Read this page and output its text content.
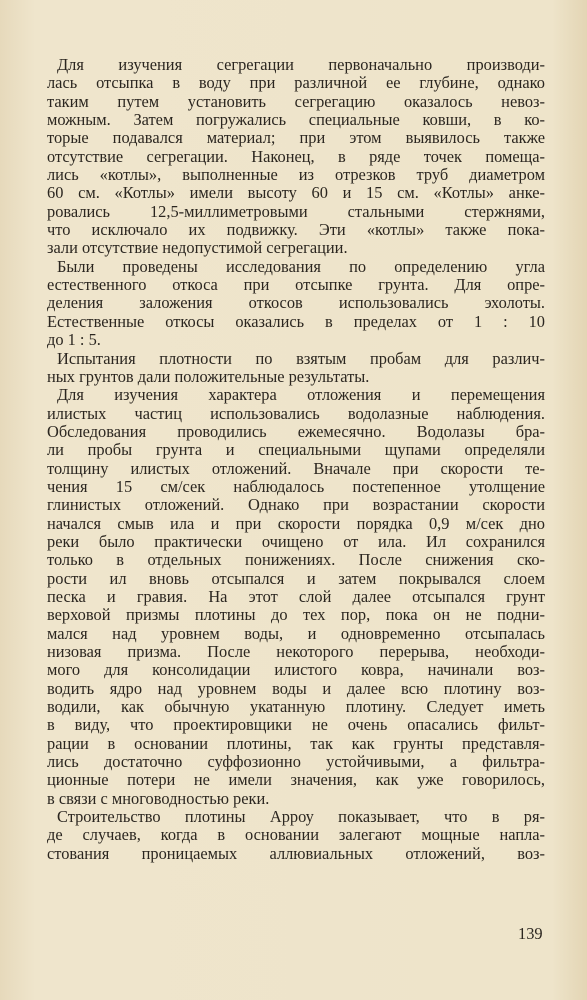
Для изучения сегрегации первоначально производи-
лась отсыпка в воду при различной ее глубине, однако
таким путем установить сегрегацию оказалось невоз-
можным. Затем погружались специальные ковши, в ко-
торые подавался материал; при этом выявилось также
отсутствие сегрегации. Наконец, в ряде точек помеща-
лись «котлы», выполненные из отрезков труб диаметром
60 см. «Котлы» имели высоту 60 и 15 см. «Котлы» анке-
ровались 12,5-миллиметровыми стальными стержнями,
что исключало их подвижку. Эти «котлы» также пока-
зали отсутствие недопустимой сегрегации.
Были проведены исследования по определению угла
естественного откоса при отсыпке грунта. Для опре-
деления заложения откосов использовались эхолоты.
Естественные откосы оказались в пределах от 1 : 10
до 1 : 5.
Испытания плотности по взятым пробам для различ-
ных грунтов дали положительные результаты.
Для изучения характера отложения и перемещения
илистых частиц использовались водолазные наблюдения.
Обследования проводились ежемесячно. Водолазы бра-
ли пробы грунта и специальными щупами определяли
толщину илистых отложений. Вначале при скорости те-
чения 15 см/сек наблюдалось постепенное утолщение
глинистых отложений. Однако при возрастании скорости
начался смыв ила и при скорости порядка 0,9 м/сек дно
реки было практически очищено от ила. Ил сохранился
только в отдельных понижениях. После снижения ско-
рости ил вновь отсыпался и затем покрывался слоем
песка и гравия. На этот слой далее отсыпался грунт
верховой призмы плотины до тех пор, пока он не подни-
мался над уровнем воды, и одновременно отсыпалась
низовая призма. После некоторого перерыва, необходи-
мого для консолидации илистого ковра, начинали воз-
водить ядро над уровнем воды и далее всю плотину воз-
водили, как обычную укатанную плотину. Следует иметь
в виду, что проектировщики не очень опасались фильт-
рации в основании плотины, так как грунты представля-
лись достаточно суффозионно устойчивыми, а фильтра-
ционные потери не имели значения, как уже говорилось,
в связи с многоводностью реки.
Строительство плотины Арроу показывает, что в ря-
де случаев, когда в основании залегают мощные напла-
стования проницаемых аллювиальных отложений, воз-
139
